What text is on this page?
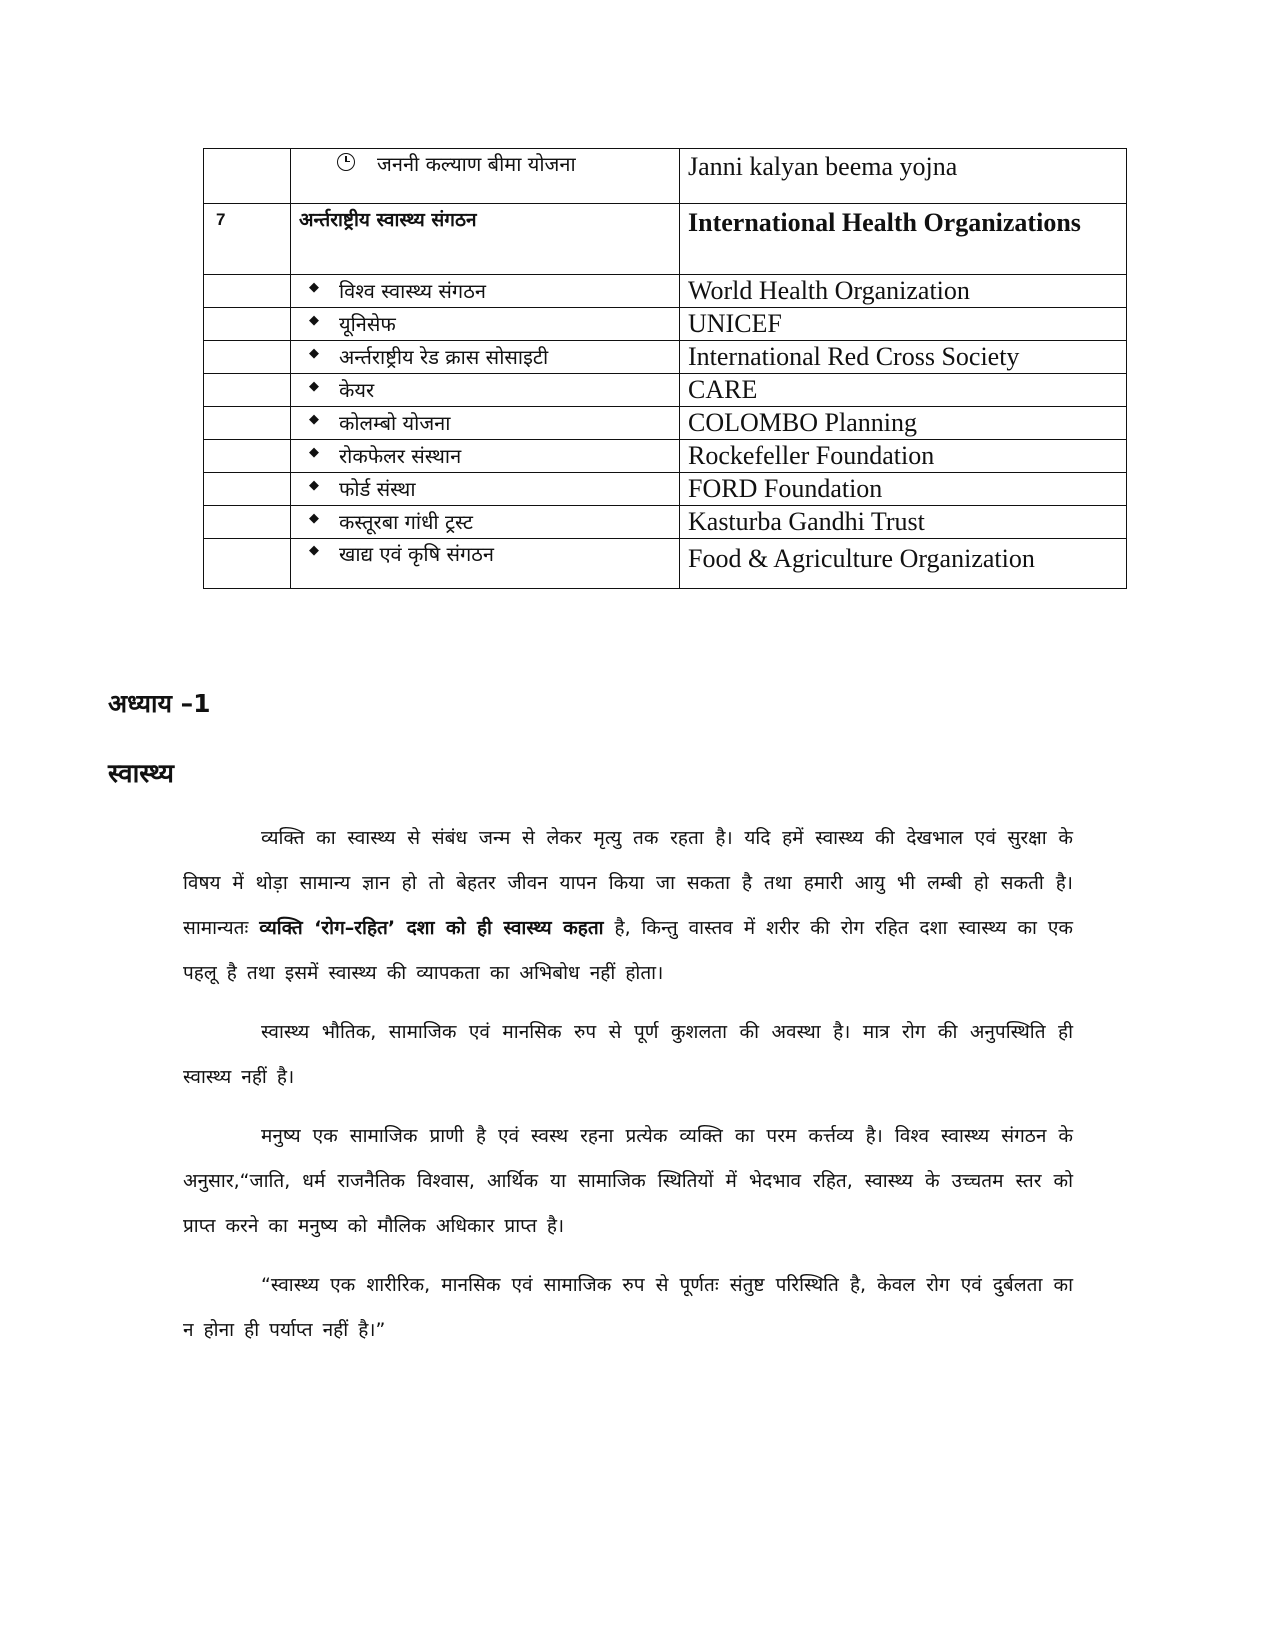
	जननी कल्याण बीमा योजना	Janni kalyan beema yojna
7	अर्न्तराष्ट्रीय स्वास्थ्य संगठन	International Health Organizations
	◆ विश्व स्वास्थ्य संगठन	World Health Organization
	◆ यूनिसेफ	UNICEF
	◆ अर्न्तराष्ट्रीय रेड क्रास सोसाइटी	International Red Cross Society
	◆ केयर	CARE
	◆ कोलम्बो योजना	COLOMBO Planning
	◆ रोकफेलर संस्थान	Rockefeller Foundation
	◆ फोर्ड संस्था	FORD Foundation
	◆ कस्तूरबा गांधी ट्रस्ट	Kasturba Gandhi Trust
	◆ खाद्य एवं कृषि संगठन	Food & Agriculture Organization
अध्याय –1
स्वास्थ्य

व्यक्ति का स्वास्थ्य से संबंध जन्म से लेकर मृत्यु तक रहता है। यदि हमें स्वास्थ्य की देखभाल एवं सुरक्षा के विषय में थोड़ा सामान्य ज्ञान हो तो बेहतर जीवन यापन किया जा सकता है तथा हमारी आयु भी लम्बी हो सकती है। सामान्यतः व्यक्ति ‘रोग–रहित’ दशा को ही स्वास्थ्य कहता है, किन्तु वास्तव में शरीर की रोग रहित दशा स्वास्थ्य का एक पहलू है तथा इसमें स्वास्थ्य की व्यापकता का अभिबोध नहीं होता।

स्वास्थ्य भौतिक, सामाजिक एवं मानसिक रुप से पूर्ण कुशलता की अवस्था है। मात्र रोग की अनुपस्थिति ही स्वास्थ्य नहीं है।

मनुष्य एक सामाजिक प्राणी है एवं स्वस्थ रहना प्रत्येक व्यक्ति का परम कर्त्तव्य है। विश्व स्वास्थ्य संगठन के अनुसार,“जाति, धर्म राजनैतिक विश्वास, आर्थिक या सामाजिक स्थितियों में भेदभाव रहित, स्वास्थ्य के उच्चतम स्तर को प्राप्त करने का मनुष्य को मौलिक अधिकार प्राप्त है।

“स्वास्थ्य एक शारीरिक, मानसिक एवं सामाजिक रुप से पूर्णतः संतुष्ट परिस्थिति है, केवल रोग एवं दुर्बलता का न होना ही पर्याप्त नहीं है।”
